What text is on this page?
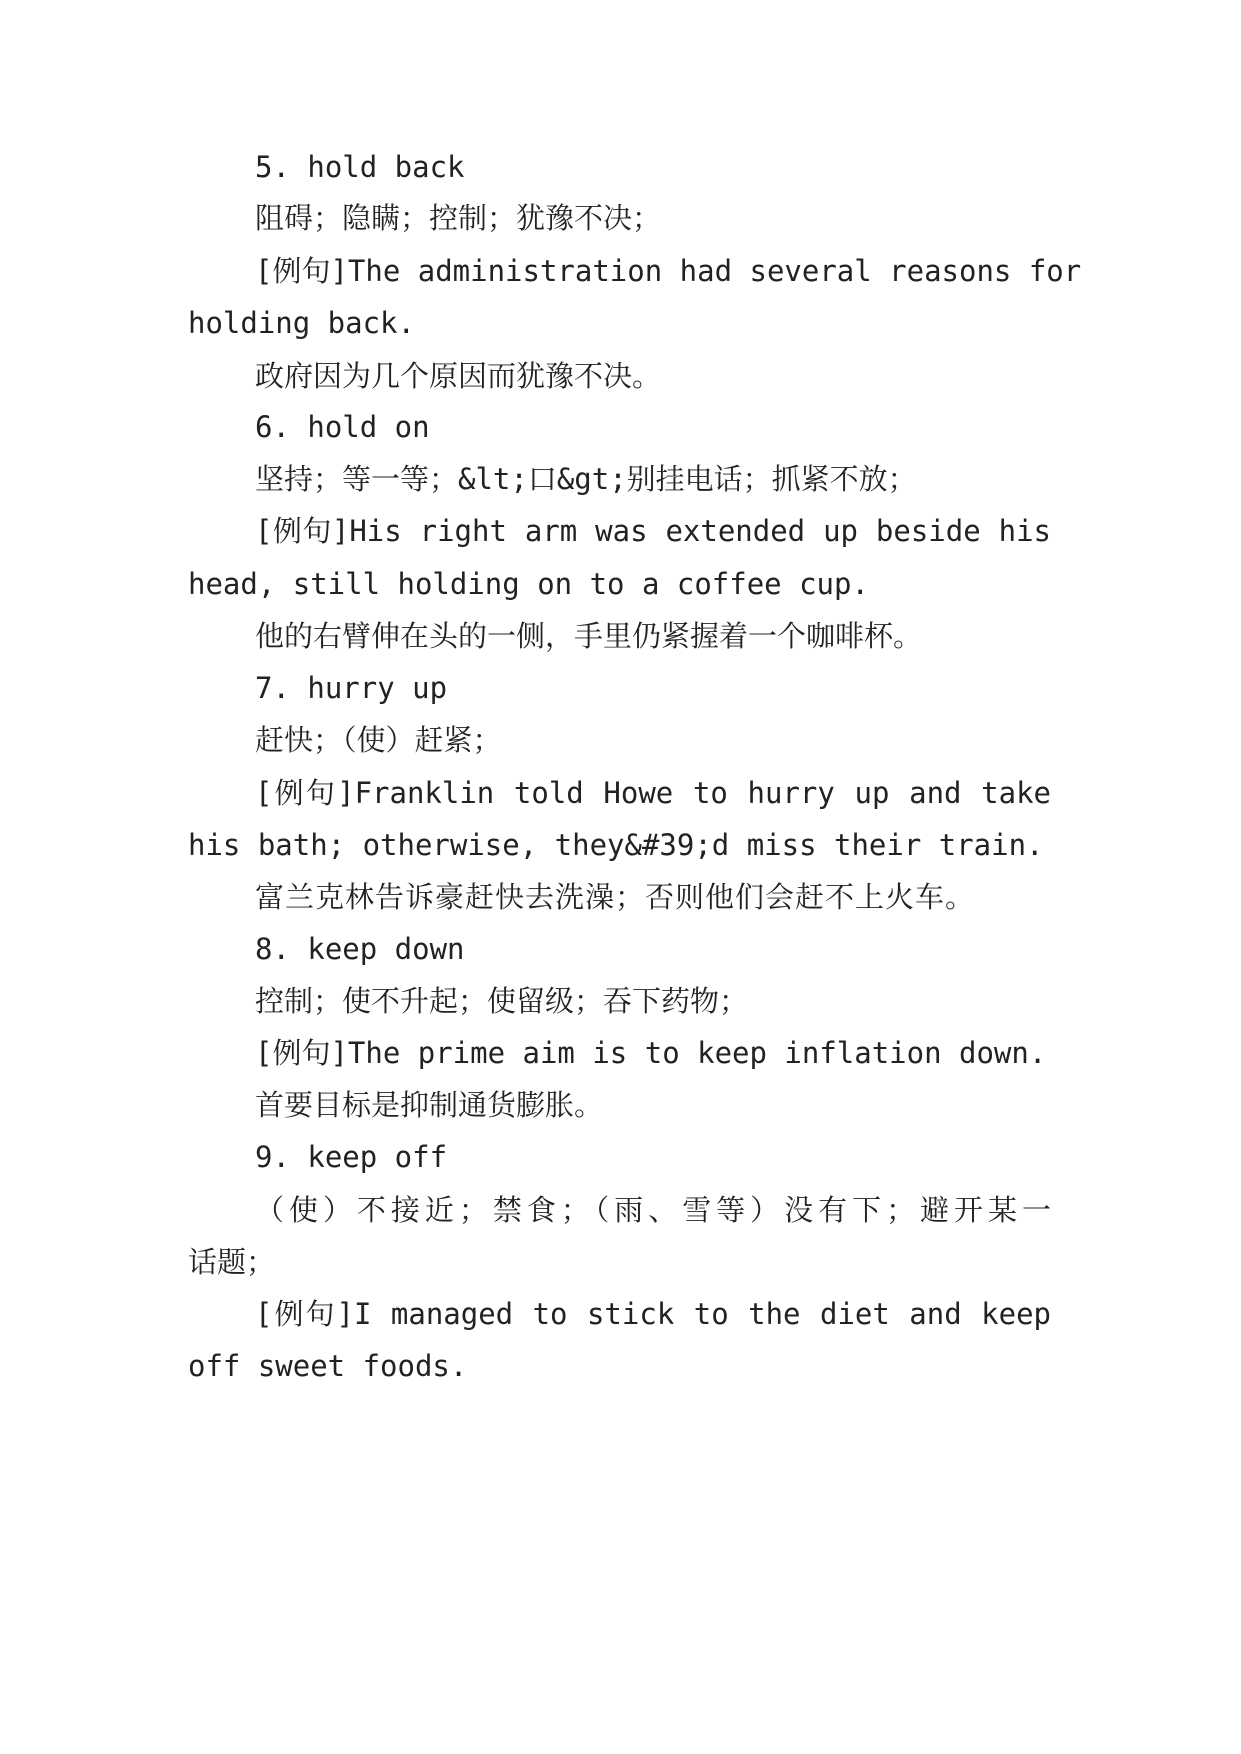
5. hold back
阻碍；隐瞒；控制；犹豫不决；
[例句]The administration had several reasons for
holding back.
政府因为几个原因而犹豫不决。
6. hold on
坚持；等一等；&lt;口&gt;别挂电话；抓紧不放；
[例句]His right arm was extended up beside his
head, still holding on to a coffee cup.
他的右臂伸在头的一侧，手里仍紧握着一个咖啡杯。
7. hurry up
赶快；（使）赶紧；
[例句]Franklin told Howe to hurry up and take
his bath; otherwise, they&#39;d miss their train.
富兰克林告诉豪赶快去洗澡；否则他们会赶不上火车。
8. keep down
控制；使不升起；使留级；吞下药物；
[例句]The prime aim is to keep inflation down.
首要目标是抑制通货膨胀。
9. keep off
（使）不接近；禁食；（雨、雪等）没有下；避开某一
话题；
[例句]I managed to stick to the diet and keep
off sweet foods.
